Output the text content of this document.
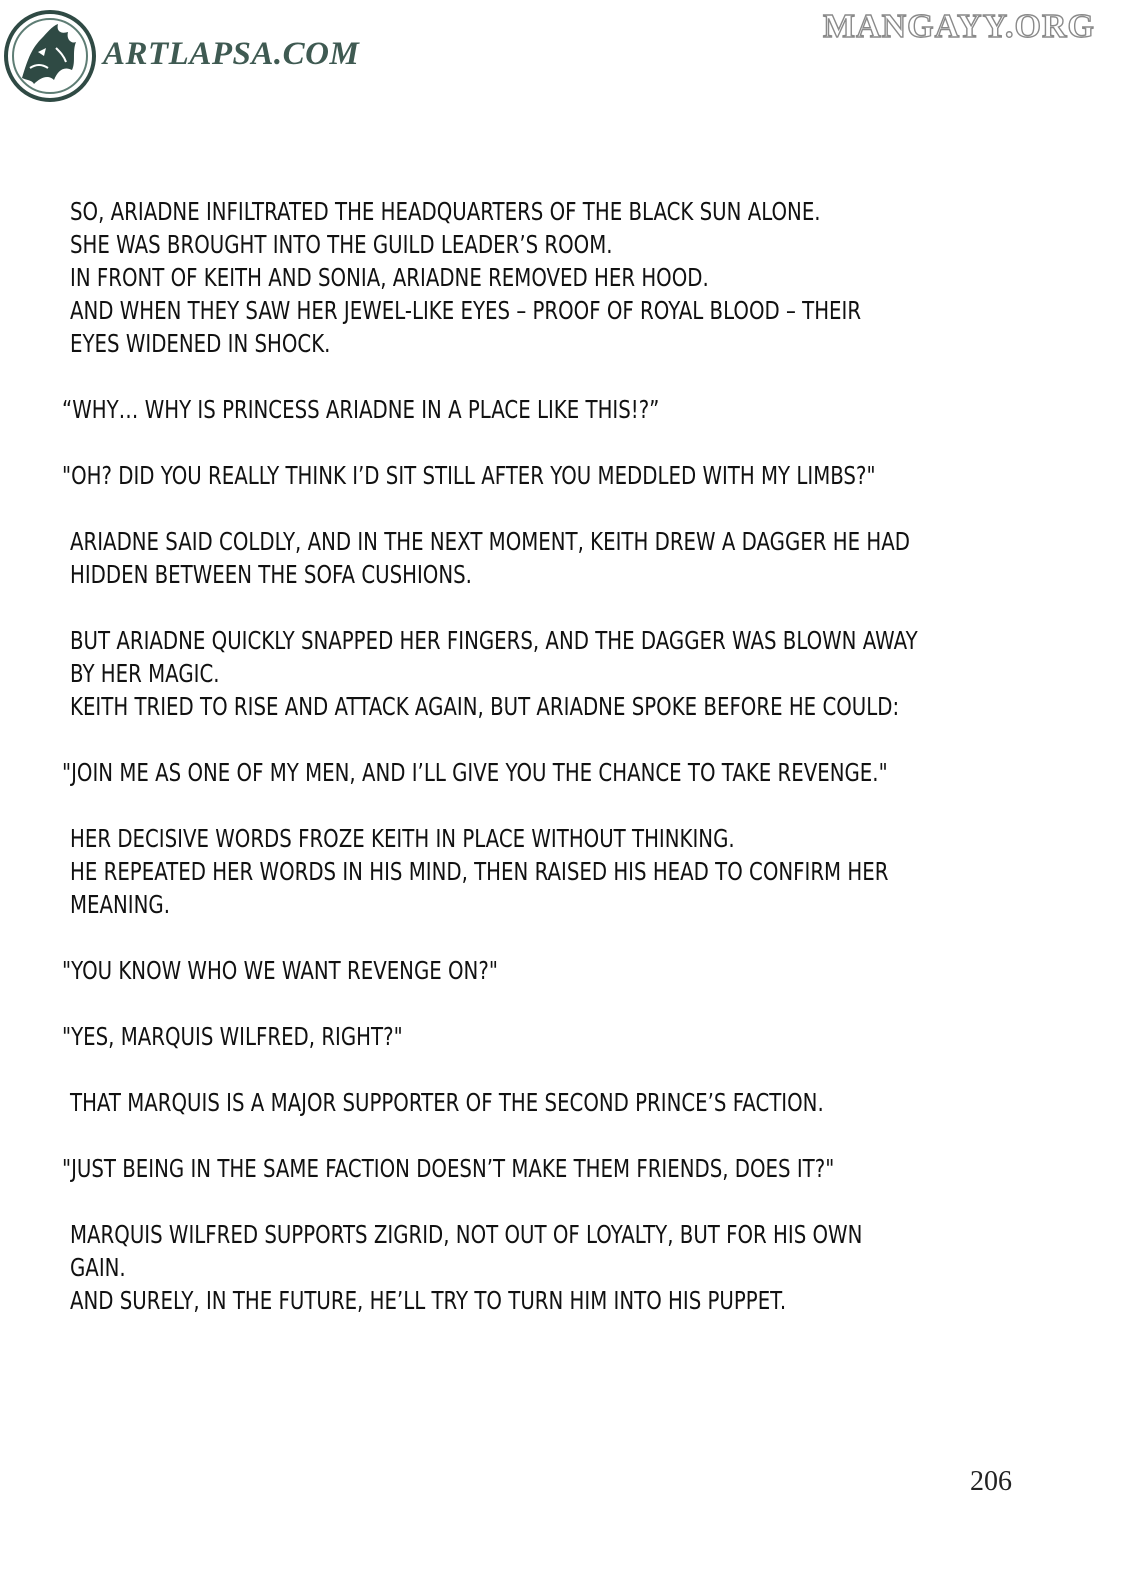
ARTLAPSA.COM
MANGAYY.ORG
SO, ARIADNE INFILTRATED THE HEADQUARTERS OF THE BLACK SUN ALONE.
SHE WAS BROUGHT INTO THE GUILD LEADER’S ROOM.
IN FRONT OF KEITH AND SONIA, ARIADNE REMOVED HER HOOD.
AND WHEN THEY SAW HER JEWEL-LIKE EYES – PROOF OF ROYAL BLOOD – THEIR
EYES WIDENED IN SHOCK.
“WHY… WHY IS PRINCESS ARIADNE IN A PLACE LIKE THIS!?”
"OH? DID YOU REALLY THINK I’D SIT STILL AFTER YOU MEDDLED WITH MY LIMBS?"
ARIADNE SAID COLDLY, AND IN THE NEXT MOMENT, KEITH DREW A DAGGER HE HAD
HIDDEN BETWEEN THE SOFA CUSHIONS.
BUT ARIADNE QUICKLY SNAPPED HER FINGERS, AND THE DAGGER WAS BLOWN AWAY
BY HER MAGIC.
KEITH TRIED TO RISE AND ATTACK AGAIN, BUT ARIADNE SPOKE BEFORE HE COULD:
"JOIN ME AS ONE OF MY MEN, AND I’LL GIVE YOU THE CHANCE TO TAKE REVENGE."
HER DECISIVE WORDS FROZE KEITH IN PLACE WITHOUT THINKING.
HE REPEATED HER WORDS IN HIS MIND, THEN RAISED HIS HEAD TO CONFIRM HER
MEANING.
"YOU KNOW WHO WE WANT REVENGE ON?"
"YES, MARQUIS WILFRED, RIGHT?"
THAT MARQUIS IS A MAJOR SUPPORTER OF THE SECOND PRINCE’S FACTION.
"JUST BEING IN THE SAME FACTION DOESN’T MAKE THEM FRIENDS, DOES IT?"
MARQUIS WILFRED SUPPORTS ZIGRID, NOT OUT OF LOYALTY, BUT FOR HIS OWN
GAIN.
AND SURELY, IN THE FUTURE, HE’LL TRY TO TURN HIM INTO HIS PUPPET.
206
